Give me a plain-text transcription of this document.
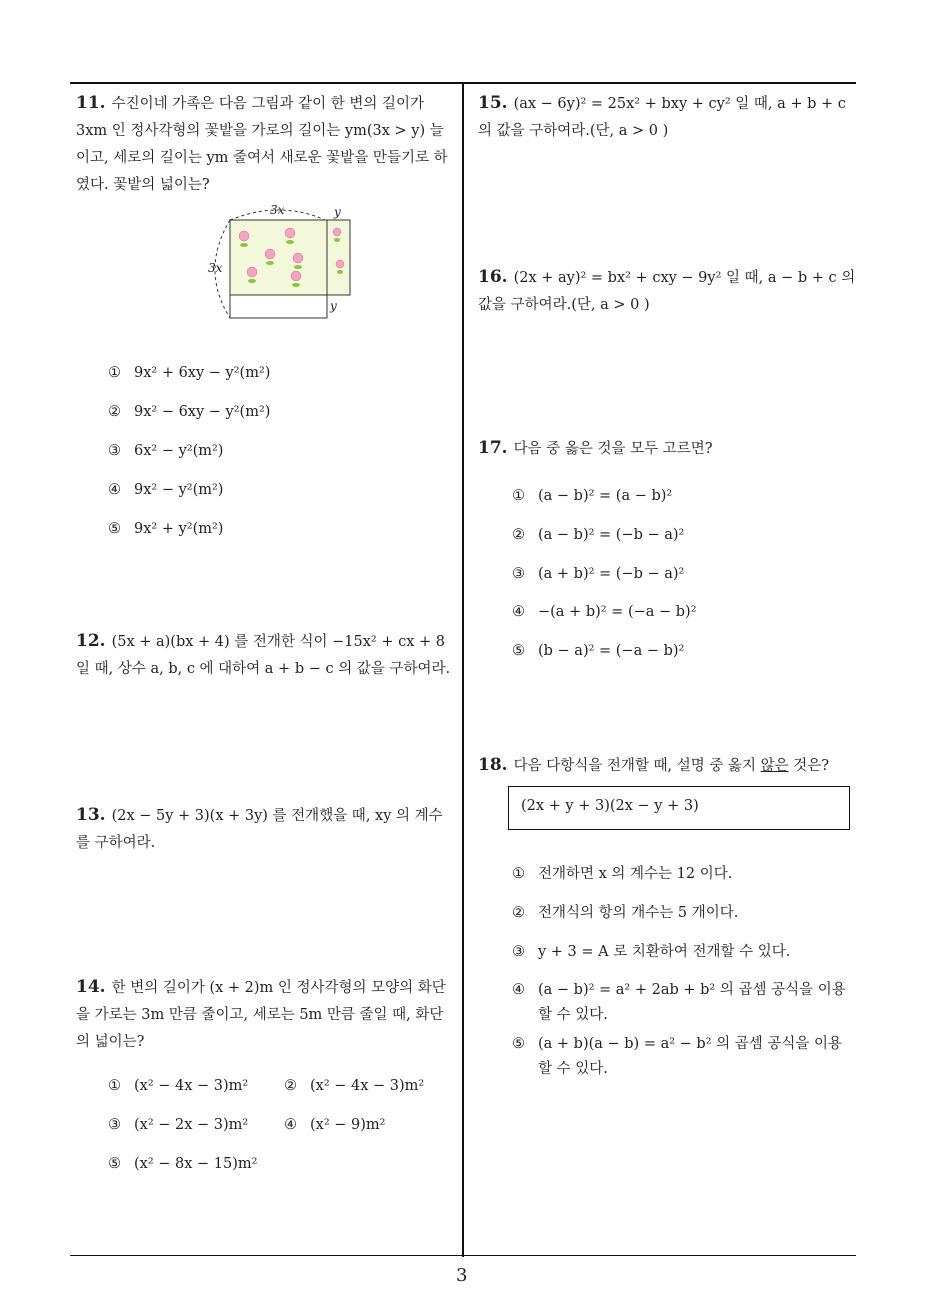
11. 수진이네 가족은 다음 그림과 같이 한 변의 길이가 3xm 인 정사각형의 꽃밭을 가로의 길이는 ym(3x > y) 늘이고, 세로의 길이는 ym 줄여서 새로운 꽃밭을 만들기로 하였다. 꽃밭의 넓이는?
3x	y
3x
y
① 9x² + 6xy − y²(m²)
② 9x² − 6xy − y²(m²)
③ 6x² − y²(m²)
④ 9x² − y²(m²)
⑤ 9x² + y²(m²)
12. (5x + a)(bx + 4) 를 전개한 식이 −15x² + cx + 8 일 때, 상수 a, b, c 에 대하여 a + b − c 의 값을 구하여라.
13. (2x − 5y + 3)(x + 3y) 를 전개했을 때, xy 의 계수를 구하여라.
14. 한 변의 길이가 (x + 2)m 인 정사각형의 모양의 화단을 가로는 3m 만큼 줄이고, 세로는 5m 만큼 줄일 때, 화단의 넓이는?
① (x² − 4x − 3)m² ② (x² − 4x − 3)m²
③ (x² − 2x − 3)m² ④ (x² − 9)m²
⑤ (x² − 8x − 15)m²
15. (ax − 6y)² = 25x² + bxy + cy² 일 때, a + b + c 의 값을 구하여라.(단, a > 0 )
16. (2x + ay)² = bx² + cxy − 9y² 일 때, a − b + c 의 값을 구하여라.(단, a > 0 )
17. 다음 중 옳은 것을 모두 고르면?
① (a − b)² = (a − b)²
② (a − b)² = (−b − a)²
③ (a + b)² = (−b − a)²
④ −(a + b)² = (−a − b)²
⑤ (b − a)² = (−a − b)²
18. 다음 다항식을 전개할 때, 설명 중 옳지 않은 것은?
(2x + y + 3)(2x − y + 3)
① 전개하면 x 의 계수는 12 이다.
② 전개식의 항의 개수는 5 개이다.
③ y + 3 = A 로 치환하여 전개할 수 있다.
④ (a − b)² = a² + 2ab + b² 의 곱셈 공식을 이용할 수 있다.
⑤ (a + b)(a − b) = a² − b² 의 곱셈 공식을 이용할 수 있다.
3
